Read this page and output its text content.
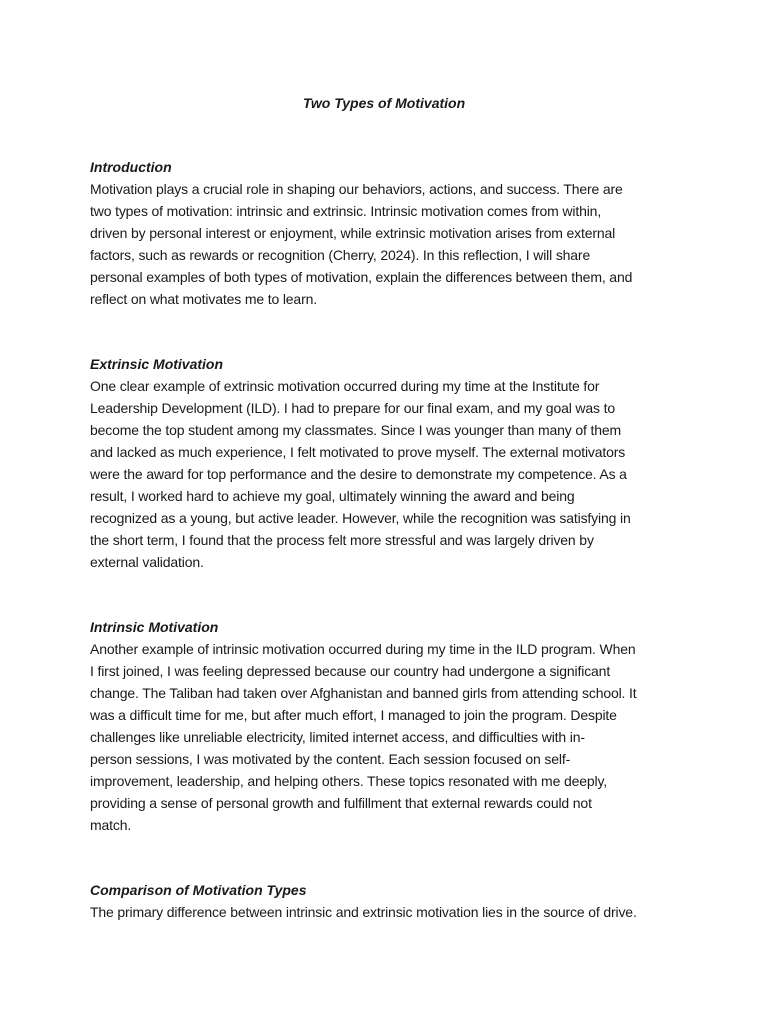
Two Types of Motivation
Introduction
Motivation plays a crucial role in shaping our behaviors, actions, and success. There are
two types of motivation: intrinsic and extrinsic. Intrinsic motivation comes from within,
driven by personal interest or enjoyment, while extrinsic motivation arises from external
factors, such as rewards or recognition (Cherry, 2024). In this reflection, I will share
personal examples of both types of motivation, explain the differences between them, and
reflect on what motivates me to learn.
Extrinsic Motivation
One clear example of extrinsic motivation occurred during my time at the Institute for
Leadership Development (ILD). I had to prepare for our final exam, and my goal was to
become the top student among my classmates. Since I was younger than many of them
and lacked as much experience, I felt motivated to prove myself. The external motivators
were the award for top performance and the desire to demonstrate my competence. As a
result, I worked hard to achieve my goal, ultimately winning the award and being
recognized as a young, but active leader. However, while the recognition was satisfying in
the short term, I found that the process felt more stressful and was largely driven by
external validation.
Intrinsic Motivation
Another example of intrinsic motivation occurred during my time in the ILD program. When
I first joined, I was feeling depressed because our country had undergone a significant
change. The Taliban had taken over Afghanistan and banned girls from attending school. It
was a difficult time for me, but after much effort, I managed to join the program. Despite
challenges like unreliable electricity, limited internet access, and difficulties with in-
person sessions, I was motivated by the content. Each session focused on self-
improvement, leadership, and helping others. These topics resonated with me deeply,
providing a sense of personal growth and fulfillment that external rewards could not
match.
Comparison of Motivation Types
The primary difference between intrinsic and extrinsic motivation lies in the source of drive.
